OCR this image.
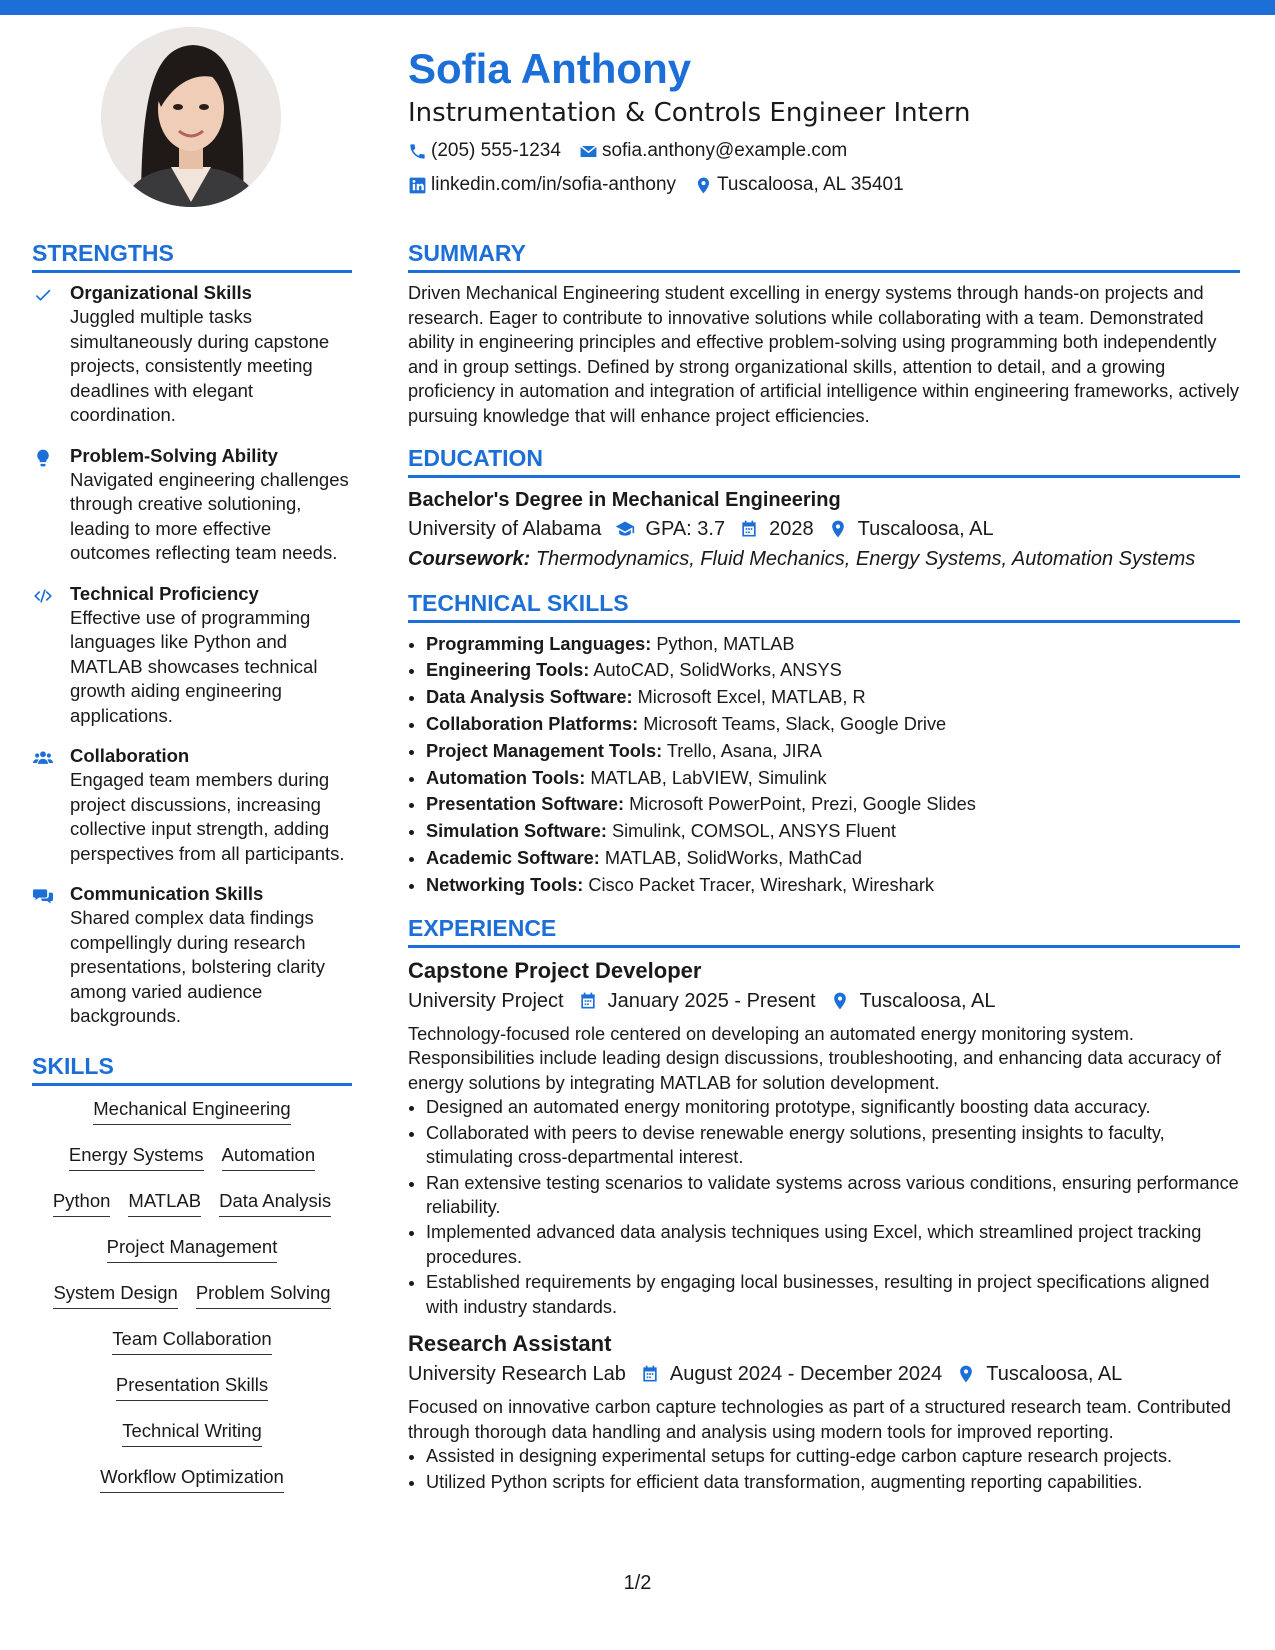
Sofia Anthony
Instrumentation & Controls Engineer Intern
(205) 555-1234 sofia.anthony@example.com
linkedin.com/in/sofia-anthony Tuscaloosa, AL 35401
STRENGTHS
Organizational Skills
Juggled multiple tasks simultaneously during capstone projects, consistently meeting deadlines with elegant coordination.
Problem-Solving Ability
Navigated engineering challenges through creative solutioning, leading to more effective outcomes reflecting team needs.
Technical Proficiency
Effective use of programming languages like Python and MATLAB showcases technical growth aiding engineering applications.
Collaboration
Engaged team members during project discussions, increasing collective input strength, adding perspectives from all participants.
Communication Skills
Shared complex data findings compellingly during research presentations, bolstering clarity among varied audience backgrounds.
SKILLS
Mechanical Engineering
Energy Systems Automation
Python MATLAB Data Analysis
Project Management
System Design Problem Solving
Team Collaboration
Presentation Skills
Technical Writing
Workflow Optimization
SUMMARY
Driven Mechanical Engineering student excelling in energy systems through hands-on projects and research. Eager to contribute to innovative solutions while collaborating with a team. Demonstrated ability in engineering principles and effective problem-solving using programming both independently and in group settings. Defined by strong organizational skills, attention to detail, and a growing proficiency in automation and integration of artificial intelligence within engineering frameworks, actively pursuing knowledge that will enhance project efficiencies.
EDUCATION
Bachelor's Degree in Mechanical Engineering
University of Alabama GPA: 3.7 2028 Tuscaloosa, AL
Coursework: Thermodynamics, Fluid Mechanics, Energy Systems, Automation Systems
TECHNICAL SKILLS
• Programming Languages: Python, MATLAB
• Engineering Tools: AutoCAD, SolidWorks, ANSYS
• Data Analysis Software: Microsoft Excel, MATLAB, R
• Collaboration Platforms: Microsoft Teams, Slack, Google Drive
• Project Management Tools: Trello, Asana, JIRA
• Automation Tools: MATLAB, LabVIEW, Simulink
• Presentation Software: Microsoft PowerPoint, Prezi, Google Slides
• Simulation Software: Simulink, COMSOL, ANSYS Fluent
• Academic Software: MATLAB, SolidWorks, MathCad
• Networking Tools: Cisco Packet Tracer, Wireshark, Wireshark
EXPERIENCE
Capstone Project Developer
University Project January 2025 - Present Tuscaloosa, AL
Technology-focused role centered on developing an automated energy monitoring system. Responsibilities include leading design discussions, troubleshooting, and enhancing data accuracy of energy solutions by integrating MATLAB for solution development.
• Designed an automated energy monitoring prototype, significantly boosting data accuracy.
• Collaborated with peers to devise renewable energy solutions, presenting insights to faculty, stimulating cross-departmental interest.
• Ran extensive testing scenarios to validate systems across various conditions, ensuring performance reliability.
• Implemented advanced data analysis techniques using Excel, which streamlined project tracking procedures.
• Established requirements by engaging local businesses, resulting in project specifications aligned with industry standards.
Research Assistant
University Research Lab August 2024 - December 2024 Tuscaloosa, AL
Focused on innovative carbon capture technologies as part of a structured research team. Contributed through thorough data handling and analysis using modern tools for improved reporting.
• Assisted in designing experimental setups for cutting-edge carbon capture research projects.
• Utilized Python scripts for efficient data transformation, augmenting reporting capabilities.
1/2
